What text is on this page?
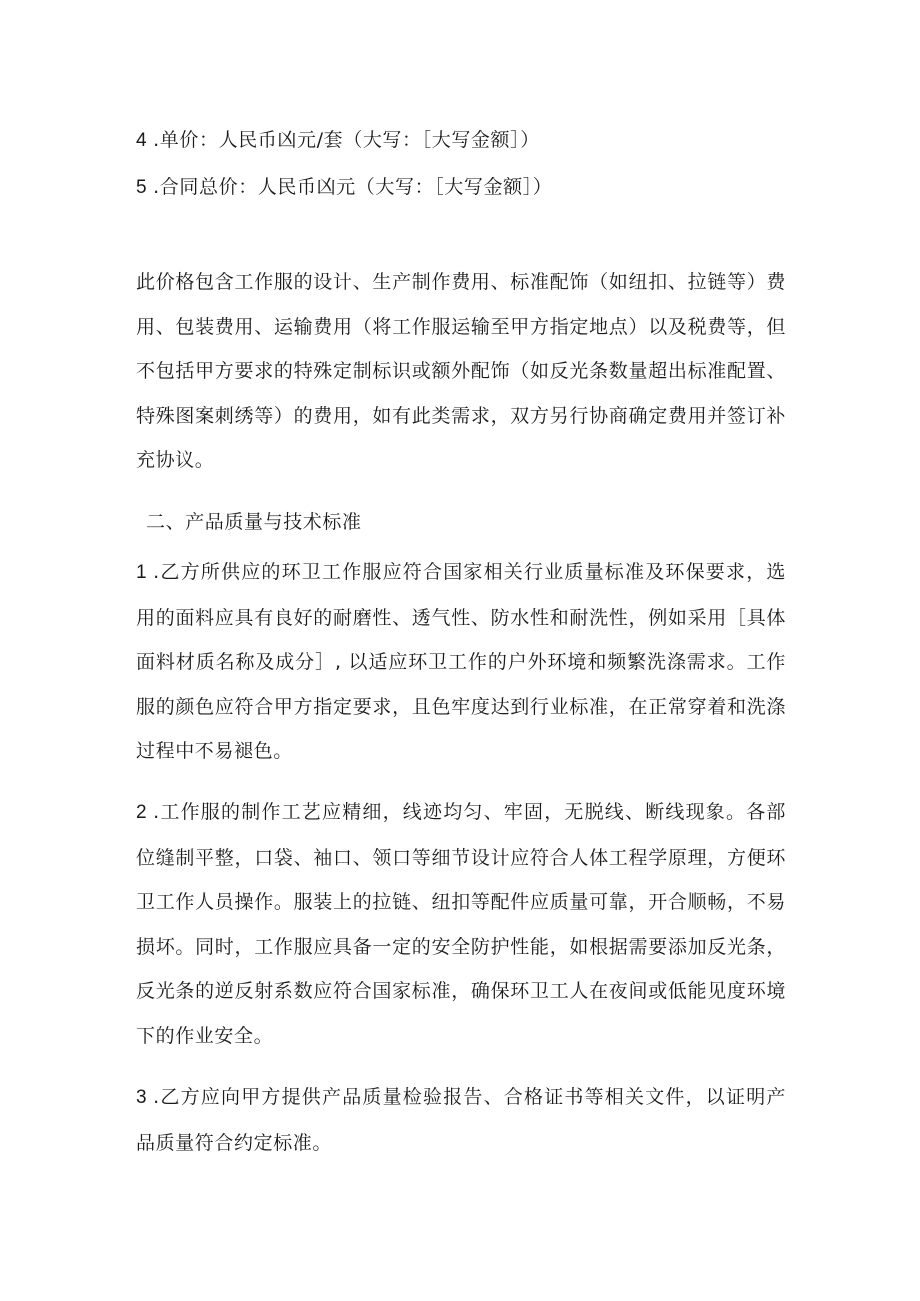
4 .单价：人民币凶元/套（大写：［大写金额］）
5 .合同总价：人民币凶元（大写：［大写金额］）
此价格包含工作服的设计、生产制作费用、标准配饰（如纽扣、拉链等）费用、包装费用、运输费用（将工作服运输至甲方指定地点）以及税费等，但不包括甲方要求的特殊定制标识或额外配饰（如反光条数量超出标准配置、特殊图案刺绣等）的费用，如有此类需求，双方另行协商确定费用并签订补充协议。
二、产品质量与技术标准
1 .乙方所供应的环卫工作服应符合国家相关行业质量标准及环保要求，选用的面料应具有良好的耐磨性、透气性、防水性和耐洗性，例如采用［具体面料材质名称及成分］, 以适应环卫工作的户外环境和频繁洗涤需求。工作服的颜色应符合甲方指定要求，且色牢度达到行业标准，在正常穿着和洗涤过程中不易褪色。
2 .工作服的制作工艺应精细，线迹均匀、牢固，无脱线、断线现象。各部位缝制平整，口袋、袖口、领口等细节设计应符合人体工程学原理，方便环卫工作人员操作。服装上的拉链、纽扣等配件应质量可靠，开合顺畅，不易损坏。同时，工作服应具备一定的安全防护性能，如根据需要添加反光条，反光条的逆反射系数应符合国家标准，确保环卫工人在夜间或低能见度环境下的作业安全。
3 .乙方应向甲方提供产品质量检验报告、合格证书等相关文件，以证明产品质量符合约定标准。
